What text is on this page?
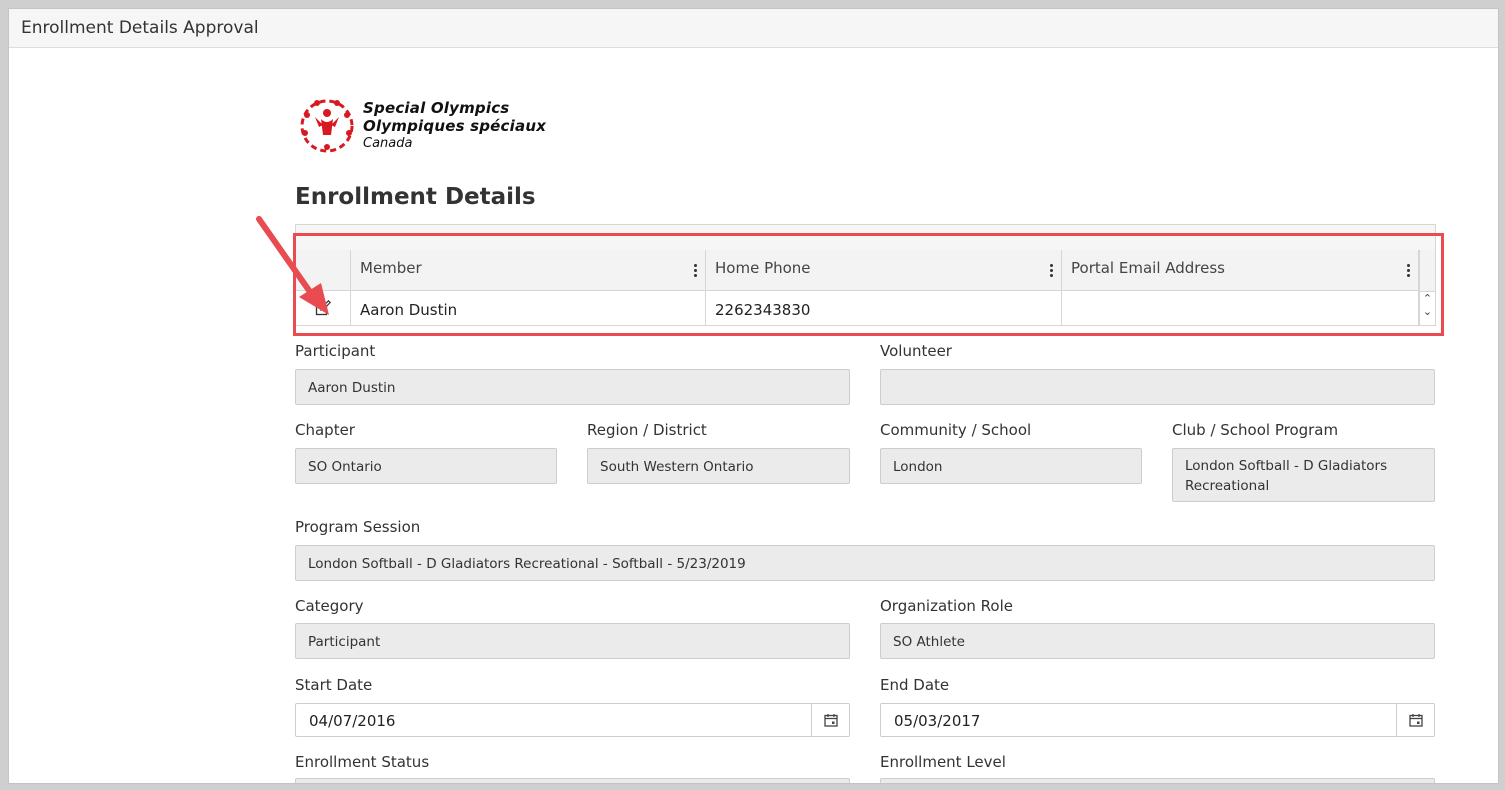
Enrollment Details Approval
Special Olympics
Olympiques spéciaux
Canada
Enrollment Details
Member	Home Phone	Portal Email Address
Aaron Dustin	2262343830
⌃
⌄
Participant
Aaron Dustin
Volunteer
Chapter
SO Ontario
Region / District
South Western Ontario
Community / School
London
Club / School Program
London Softball - D Gladiators Recreational
Program Session
London Softball - D Gladiators Recreational - Softball - 5/23/2019
Category
Participant
Organization Role
SO Athlete
Start Date
04/07/2016
End Date
05/03/2017
Enrollment Status	Enrollment Level
